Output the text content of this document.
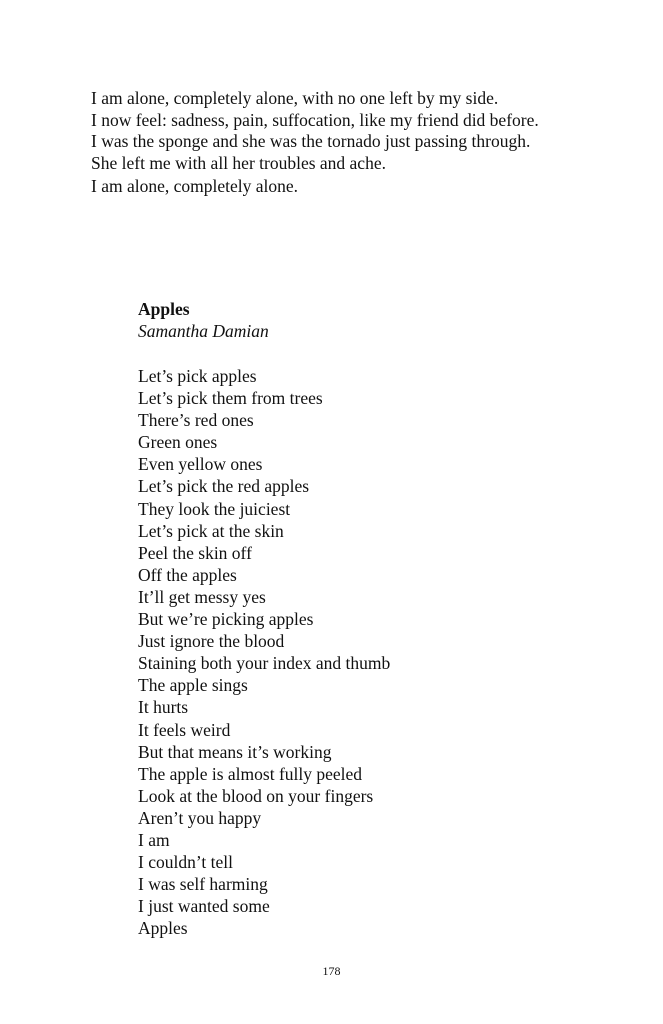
I am alone, completely alone, with no one left by my side.
I now feel: sadness, pain, suffocation, like my friend did before.
I was the sponge and she was the tornado just passing through.
She left me with all her troubles and ache.
I am alone, completely alone.
Apples
Samantha Damian
Let’s pick apples
Let’s pick them from trees
There’s red ones
Green ones
Even yellow ones
Let’s pick the red apples
They look the juiciest
Let’s pick at the skin
Peel the skin off
Off the apples
It’ll get messy yes
But we’re picking apples
Just ignore the blood
Staining both your index and thumb
The apple sings
It hurts
It feels weird
But that means it’s working
The apple is almost fully peeled
Look at the blood on your fingers
Aren’t you happy
I am
I couldn’t tell
I was self harming
I just wanted some
Apples
178
